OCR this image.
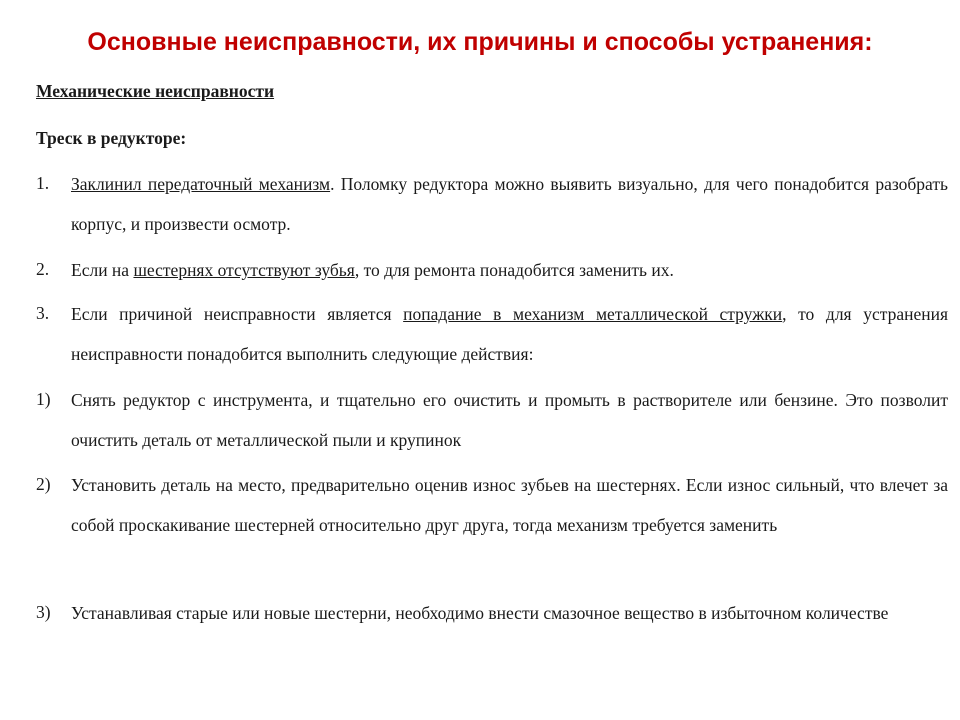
Основные неисправности, их причины и способы устранения:
Механические неисправности
Треск в редукторе:
1.	Заклинил передаточный механизм. Поломку редуктора можно выявить визуально, для чего понадобится разобрать корпус, и произвести осмотр.
2.	Если на шестернях отсутствуют зубья, то для ремонта понадобится заменить их.
3.	Если причиной неисправности является попадание в механизм металлической стружки, то для устранения неисправности понадобится выполнить следующие действия:
1)	Снять редуктор с инструмента, и тщательно его очистить и промыть в растворителе или бензине. Это позволит очистить деталь от металлической пыли и крупинок
2)	Установить деталь на место, предварительно оценив износ зубьев на шестернях. Если износ сильный, что влечет за собой проскакивание шестерней относительно друг друга, тогда механизм требуется заменить
3)	Устанавливая старые или новые шестерни, необходимо внести смазочное вещество в избыточном количестве
